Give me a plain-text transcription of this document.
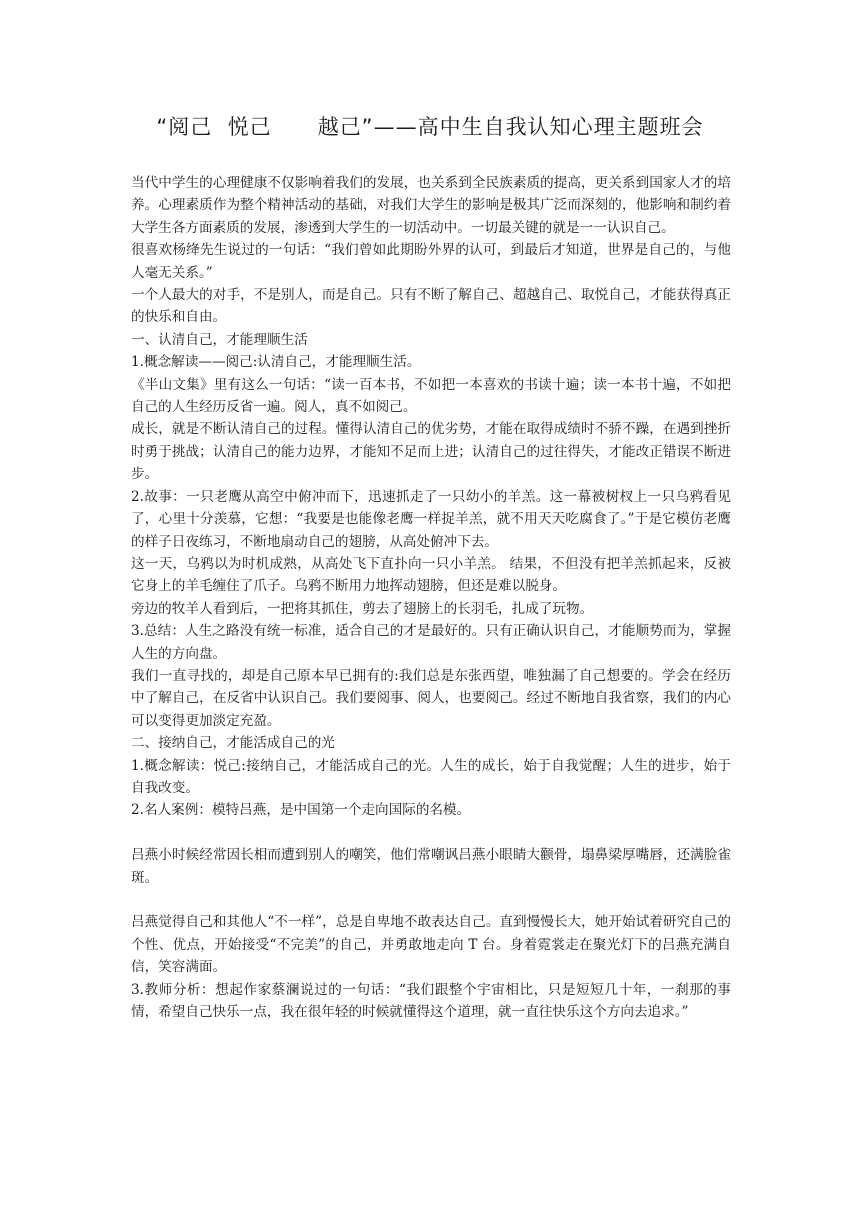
“阅己  悦己      越己”——高中生自我认知心理主题班会

当代中学生的心理健康不仅影响着我们的发展，也关系到全民族素质的提高，更关系到国家人才的培养。心理素质作为整个精神活动的基础，对我们大学生的影响是极其广泛而深刻的，他影响和制约着大学生各方面素质的发展，渗透到大学生的一切活动中。一切最关键的就是一一认识自己。

很喜欢杨绛先生说过的一句话：“我们曾如此期盼外界的认可，到最后才知道，世界是自己的，与他人毫无关系。”

一个人最大的对手，不是别人，而是自己。只有不断了解自己、超越自己、取悦自己，才能获得真正的快乐和自由。

一、认清自己，才能理顺生活

1.概念解读——阅己:认清自己，才能理顺生活。

《半山文集》里有这么一句话：“读一百本书，不如把一本喜欢的书读十遍；读一本书十遍，不如把自己的人生经历反省一遍。阅人，真不如阅己。

成长，就是不断认清自己的过程。懂得认清自己的优劣势，才能在取得成绩时不骄不躁，在遇到挫折时勇于挑战；认清自己的能力边界，才能知不足而上进；认清自己的过往得失，才能改正错误不断进步。

2.故事：一只老鹰从高空中俯冲而下，迅速抓走了一只幼小的羊羔。这一幕被树杈上一只乌鸦看见了，心里十分羡慕，它想：“我要是也能像老鹰一样捉羊羔，就不用天天吃腐食了。”于是它模仿老鹰的样子日夜练习，不断地扇动自己的翅膀，从高处俯冲下去。

这一天，乌鸦以为时机成熟，从高处飞下直扑向一只小羊羔。 结果，不但没有把羊羔抓起来，反被它身上的羊毛缠住了爪子。乌鸦不断用力地挥动翅膀，但还是难以脱身。

旁边的牧羊人看到后，一把将其抓住，剪去了翅膀上的长羽毛，扎成了玩物。

3.总结：人生之路没有统一标准，适合自己的才是最好的。只有正确认识自己，才能顺势而为，掌握人生的方向盘。

我们一直寻找的，却是自己原本早已拥有的:我们总是东张西望，唯独漏了自己想要的。学会在经历中了解自己，在反省中认识自己。我们要阅事、阅人，也要阅己。经过不断地自我省察，我们的内心可以变得更加淡定充盈。

二、接纳自己，才能活成自己的光

1.概念解读：悦己:接纳自己，才能活成自己的光。人生的成长，始于自我觉醒；人生的进步，始于自我改变。

2.名人案例：模特吕燕，是中国第一个走向国际的名模。

吕燕小时候经常因长相而遭到别人的嘲笑，他们常嘲讽吕燕小眼睛大颧骨，塌鼻梁厚嘴唇，还满脸雀斑。

吕燕觉得自己和其他人“不一样”，总是自卑地不敢表达自己。直到慢慢长大，她开始试着研究自己的个性、优点，开始接受“不完美”的自己，并勇敢地走向 T 台。身着霓裳走在聚光灯下的吕燕充满自信，笑容满面。

3.教师分析：想起作家蔡澜说过的一句话：“我们跟整个宇宙相比，只是短短几十年，一刹那的事情，希望自己快乐一点，我在很年轻的时候就懂得这个道理，就一直往快乐这个方向去追求。”
